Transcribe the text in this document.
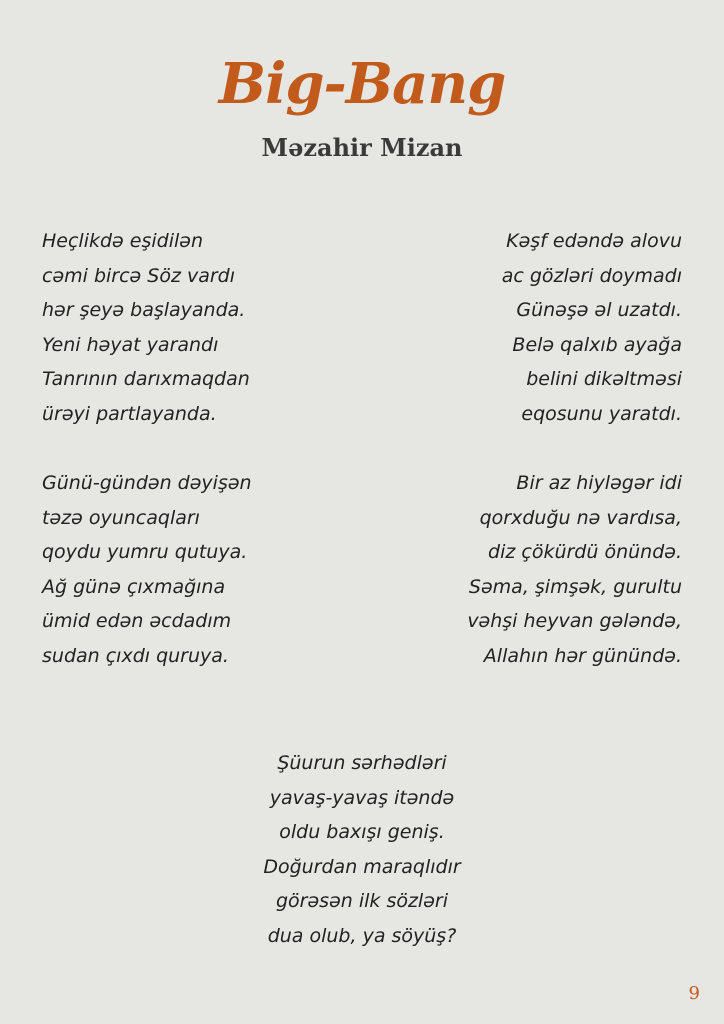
Big-Bang
Məzahir Mizan
Heçlikdə eşidilən
cəmi bircə Söz vardı
hər şeyə başlayanda.
Yeni həyat yarandı
Tanrının darıxmaqdan
ürəyi partlayanda.
Kəşf edəndə alovu
ac gözləri doymadı
Günəşə əl uzatdı.
Belə qalxıb ayağa
belini dikəltməsi
eqosunu yaratdı.
Günü-gündən dəyişən
təzə oyuncaqları
qoydu yumru qutuya.
Ağ günə çıxmağına
ümid edən əcdadım
sudan çıxdı quruya.
Bir az hiyləgər idi
qorxduğu nə vardısa,
diz çökürdü önündə.
Səma, şimşək, gurultu
vəhşi heyvan gələndə,
Allahın hər günündə.
Şüurun sərhədləri
yavaş-yavaş itəndə
oldu baxışı geniş.
Doğurdan maraqlıdır
görəsən ilk sözləri
dua olub, ya söyüş?
9
